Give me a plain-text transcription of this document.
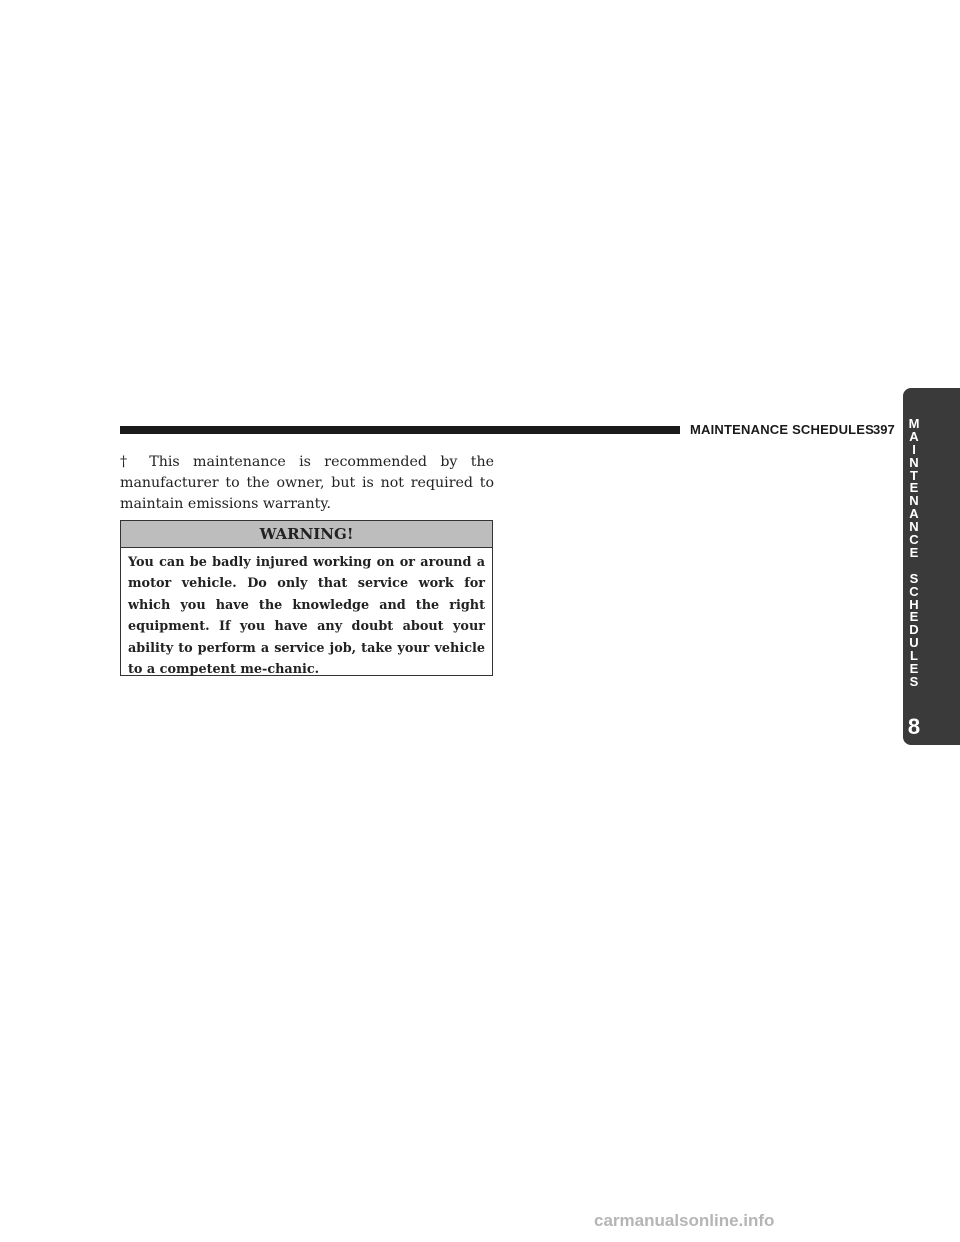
MAINTENANCE SCHEDULES
397 M
A
I
N
T
E
N
A
N
C
E
S
C
H
E
D
U
L
E
S
8

† This maintenance is recommended by the manufacturer to the owner, but is not required to maintain emissions warranty.

WARNING!

You can be badly injured working on or around a motor vehicle. Do only that service work for which you have the knowledge and the right equipment. If you have any doubt about your ability to perform a service job, take your vehicle to a competent me-chanic.

carmanualsonline.info
